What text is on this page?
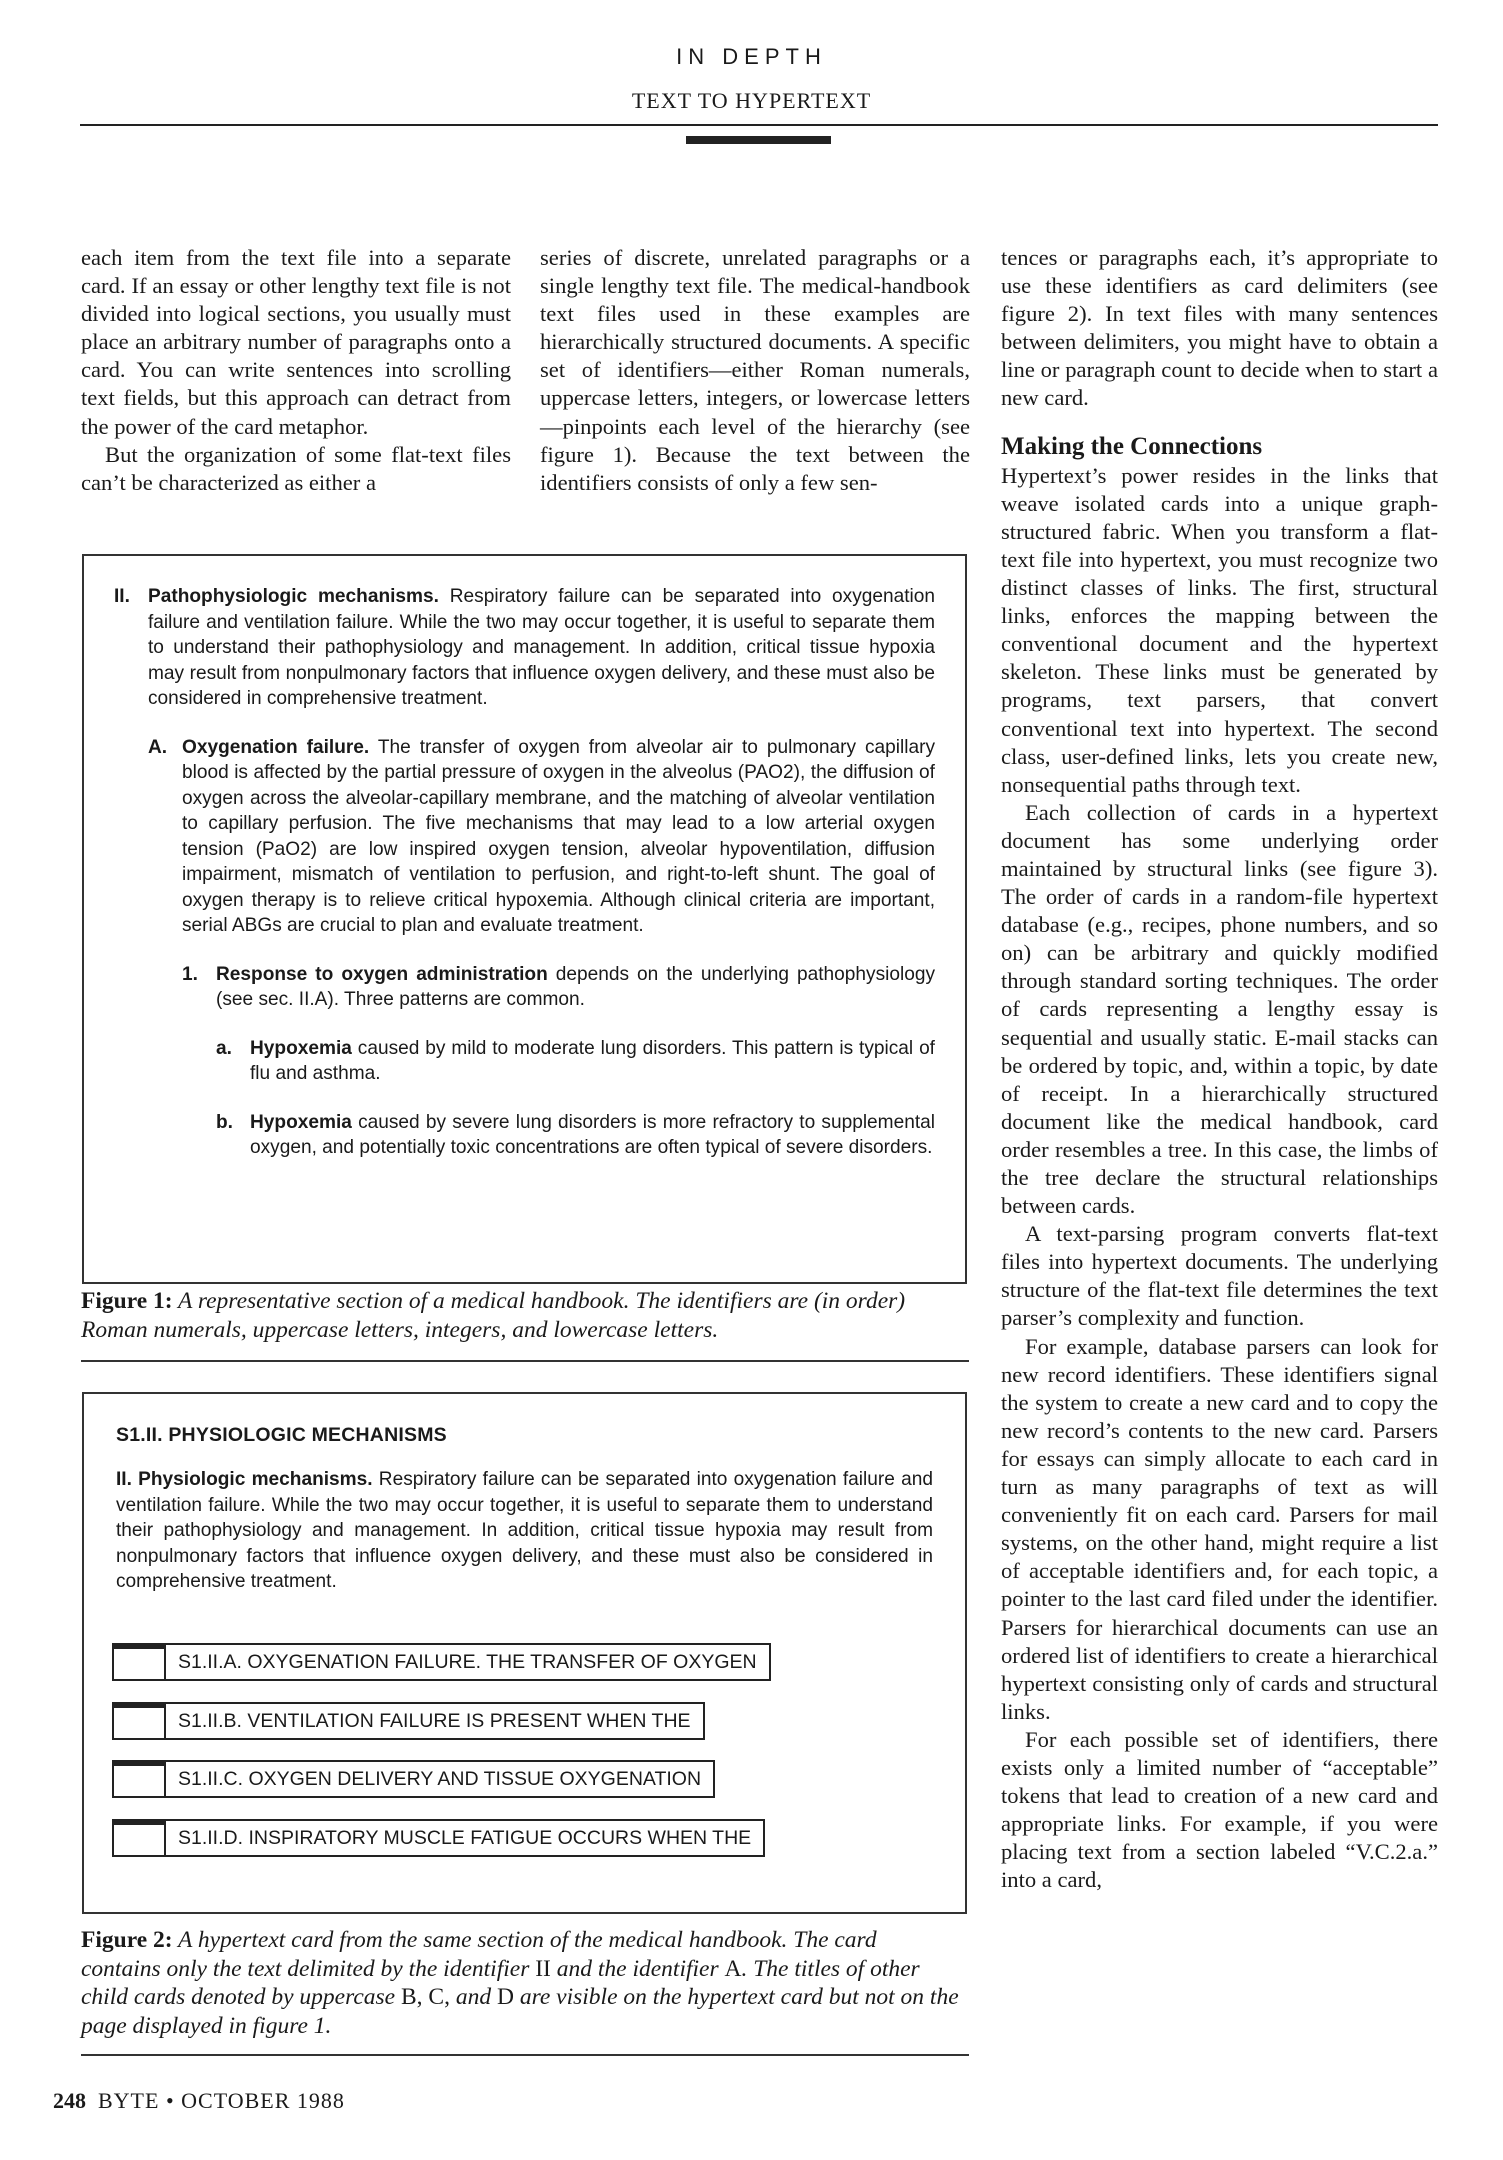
IN DEPTH
TEXT TO HYPERTEXT

each item from the text file into a separate card. If an essay or other lengthy text file is not divided into logical sections, you usually must place an arbitrary number of paragraphs onto a card. You can write sentences into scrolling text fields, but this approach can detract from the power of the card metaphor.

But the organization of some flat-text files can’t be characterized as either a

series of discrete, unrelated paragraphs or a single lengthy text file. The medical-handbook text files used in these examples are hierarchically structured documents. A specific set of identifiers—either Roman numerals, uppercase letters, integers, or lowercase letters—pinpoints each level of the hierarchy (see figure 1). Because the text between the identifiers consists of only a few sen-

tences or paragraphs each, it’s appropriate to use these identifiers as card delimiters (see figure 2). In text files with many sentences between delimiters, you might have to obtain a line or paragraph count to decide when to start a new card.

Making the Connections

Hypertext’s power resides in the links that weave isolated cards into a unique graph-structured fabric. When you transform a flat-text file into hypertext, you must recognize two distinct classes of links. The first, structural links, enforces the mapping between the conventional document and the hypertext skeleton. These links must be generated by programs, text parsers, that convert conventional text into hypertext. The second class, user-defined links, lets you create new, nonsequential paths through text.

Each collection of cards in a hypertext document has some underlying order maintained by structural links (see figure 3). The order of cards in a random-file hypertext database (e.g., recipes, phone numbers, and so on) can be arbitrary and quickly modified through standard sorting techniques. The order of cards representing a lengthy essay is sequential and usually static. E-mail stacks can be ordered by topic, and, within a topic, by date of receipt. In a hierarchically structured document like the medical handbook, card order resembles a tree. In this case, the limbs of the tree declare the structural relationships between cards.

A text-parsing program converts flat-text files into hypertext documents. The underlying structure of the flat-text file determines the text parser’s complexity and function.

For example, database parsers can look for new record identifiers. These identifiers signal the system to create a new card and to copy the new record’s contents to the new card. Parsers for essays can simply allocate to each card in turn as many paragraphs of text as will conveniently fit on each card. Parsers for mail systems, on the other hand, might require a list of acceptable identifiers and, for each topic, a pointer to the last card filed under the identifier. Parsers for hierarchical documents can use an ordered list of identifiers to create a hierarchical hypertext consisting only of cards and structural links.

For each possible set of identifiers, there exists only a limited number of “acceptable” tokens that lead to creation of a new card and appropriate links. For example, if you were placing text from a section labeled “V.C.2.a.” into a card,

II. Pathophysiologic mechanisms. Respiratory failure can be separated into oxygenation failure and ventilation failure. While the two may occur together, it is useful to separate them to understand their pathophysiology and management. In addition, critical tissue hypoxia may result from nonpulmonary factors that influence oxygen delivery, and these must also be considered in comprehensive treatment.
A. Oxygenation failure. The transfer of oxygen from alveolar air to pulmonary capillary blood is affected by the partial pressure of oxygen in the alveolus (PAO2), the diffusion of oxygen across the alveolar-capillary membrane, and the matching of alveolar ventilation to capillary perfusion. The five mechanisms that may lead to a low arterial oxygen tension (PaO2) are low inspired oxygen tension, alveolar hypoventilation, diffusion impairment, mismatch of ventilation to perfusion, and right-to-left shunt. The goal of oxygen therapy is to relieve critical hypoxemia. Although clinical criteria are important, serial ABGs are crucial to plan and evaluate treatment.
1. Response to oxygen administration depends on the underlying pathophysiology (see sec. II.A). Three patterns are common.
a. Hypoxemia caused by mild to moderate lung disorders. This pattern is typical of flu and asthma.
b. Hypoxemia caused by severe lung disorders is more refractory to supplemental oxygen, and potentially toxic concentrations are often typical of severe disorders.
Figure 1: A representative section of a medical handbook. The identifiers are (in order) Roman numerals, uppercase letters, integers, and lowercase letters.
S1.II. PHYSIOLOGIC MECHANISMS
II. Physiologic mechanisms. Respiratory failure can be separated into oxygenation failure and ventilation failure. While the two may occur together, it is useful to separate them to understand their pathophysiology and management. In addition, critical tissue hypoxia may result from nonpulmonary factors that influence oxygen delivery, and these must also be considered in comprehensive treatment.
S1.II.A. OXYGENATION FAILURE. THE TRANSFER OF OXYGEN
S1.II.B. VENTILATION FAILURE IS PRESENT WHEN THE
S1.II.C. OXYGEN DELIVERY AND TISSUE OXYGENATION
S1.II.D. INSPIRATORY MUSCLE FATIGUE OCCURS WHEN THE
Figure 2: A hypertext card from the same section of the medical handbook. The card contains only the text delimited by the identifier II and the identifier A. The titles of other child cards denoted by uppercase B, C, and D are visible on the hypertext card but not on the page displayed in figure 1.
248 BYTE • OCTOBER 1988
